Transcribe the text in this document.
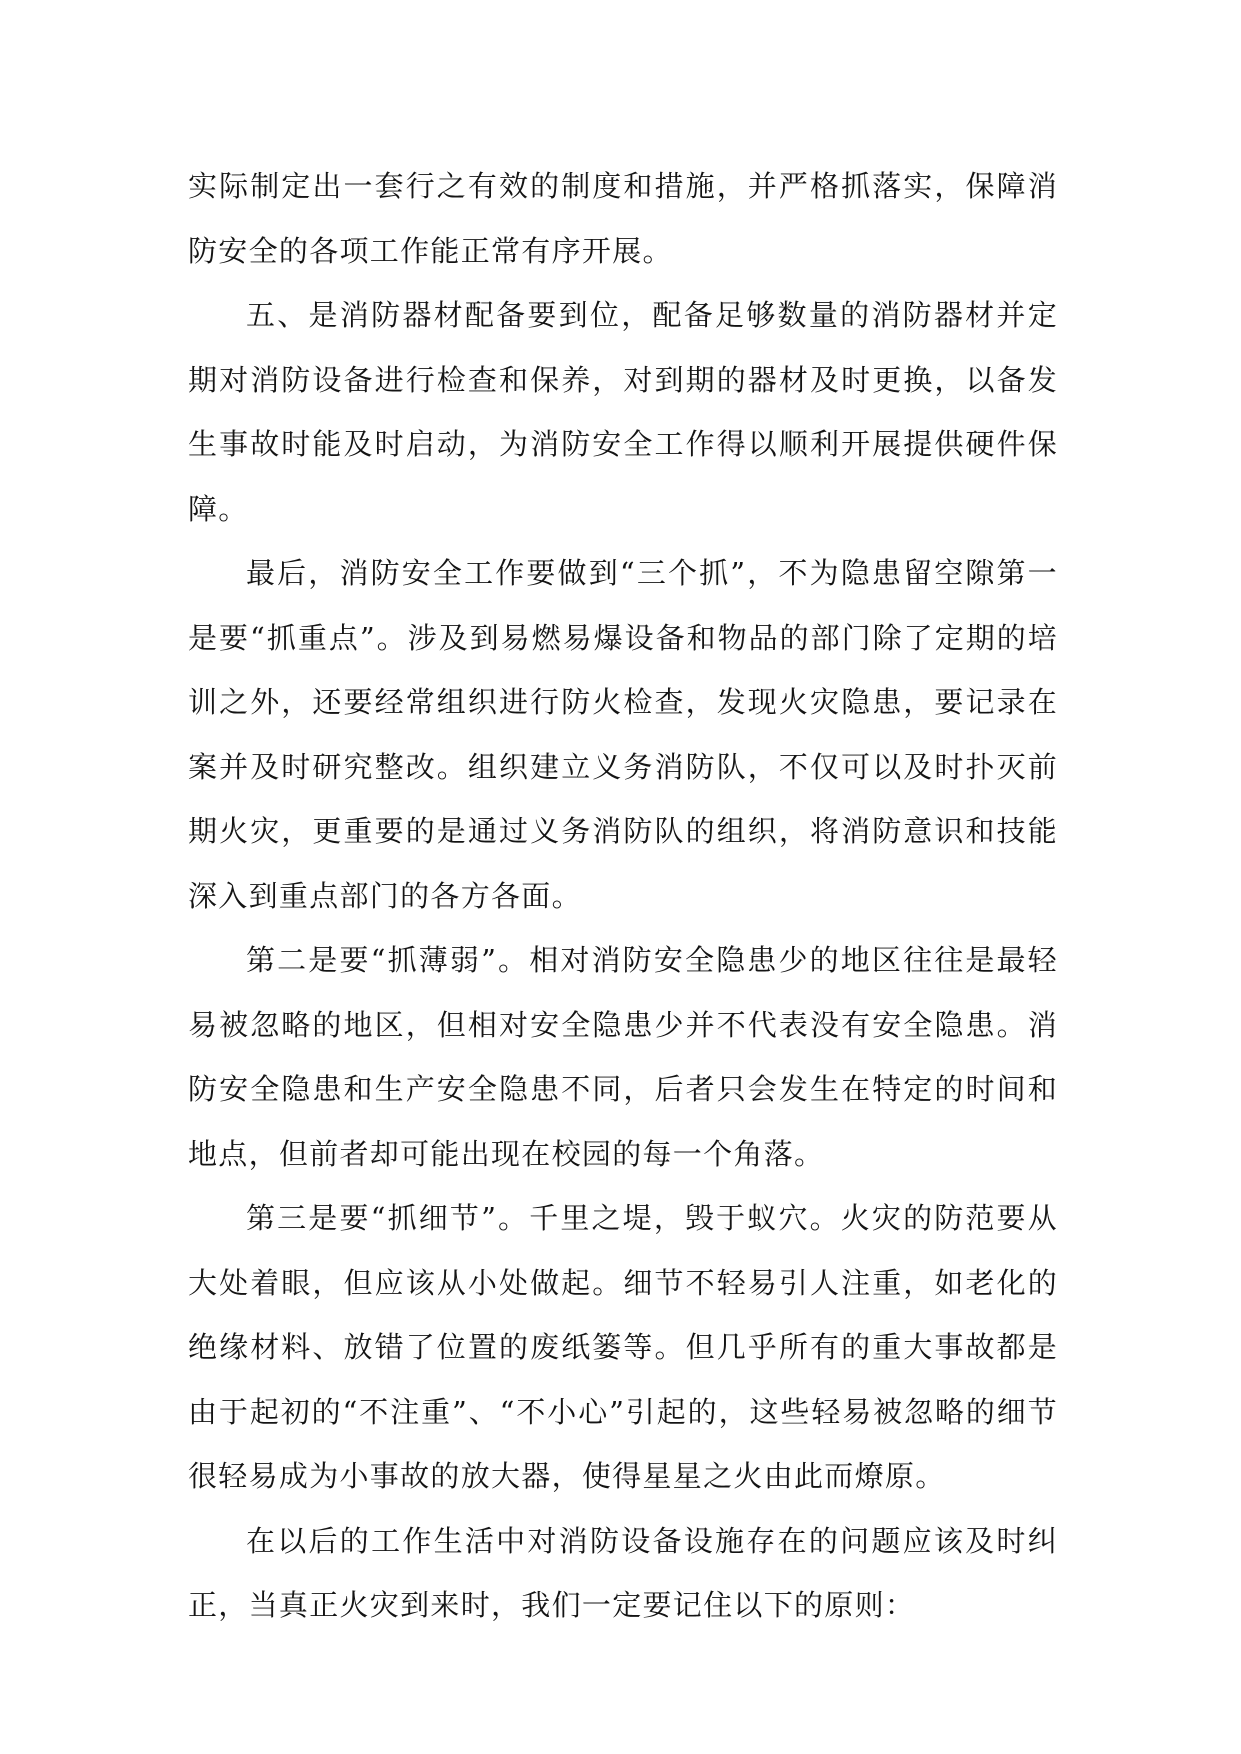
实际制定出一套行之有效的制度和措施，并严格抓落实，保障消防安全的各项工作能正常有序开展。

五、是消防器材配备要到位，配备足够数量的消防器材并定期对消防设备进行检查和保养，对到期的器材及时更换，以备发生事故时能及时启动，为消防安全工作得以顺利开展提供硬件保障。

最后，消防安全工作要做到“三个抓”，不为隐患留空隙第一是要“抓重点”。涉及到易燃易爆设备和物品的部门除了定期的培训之外，还要经常组织进行防火检查，发现火灾隐患，要记录在案并及时研究整改。组织建立义务消防队，不仅可以及时扑灭前期火灾，更重要的是通过义务消防队的组织，将消防意识和技能深入到重点部门的各方各面。

第二是要“抓薄弱”。相对消防安全隐患少的地区往往是最轻易被忽略的地区，但相对安全隐患少并不代表没有安全隐患。消防安全隐患和生产安全隐患不同，后者只会发生在特定的时间和地点，但前者却可能出现在校园的每一个角落。

第三是要“抓细节”。千里之堤，毁于蚁穴。火灾的防范要从大处着眼，但应该从小处做起。细节不轻易引人注重，如老化的绝缘材料、放错了位置的废纸篓等。但几乎所有的重大事故都是由于起初的“不注重”、“不小心”引起的，这些轻易被忽略的细节很轻易成为小事故的放大器，使得星星之火由此而燎原。

在以后的工作生活中对消防设备设施存在的问题应该及时纠正，当真正火灾到来时，我们一定要记住以下的原则：
